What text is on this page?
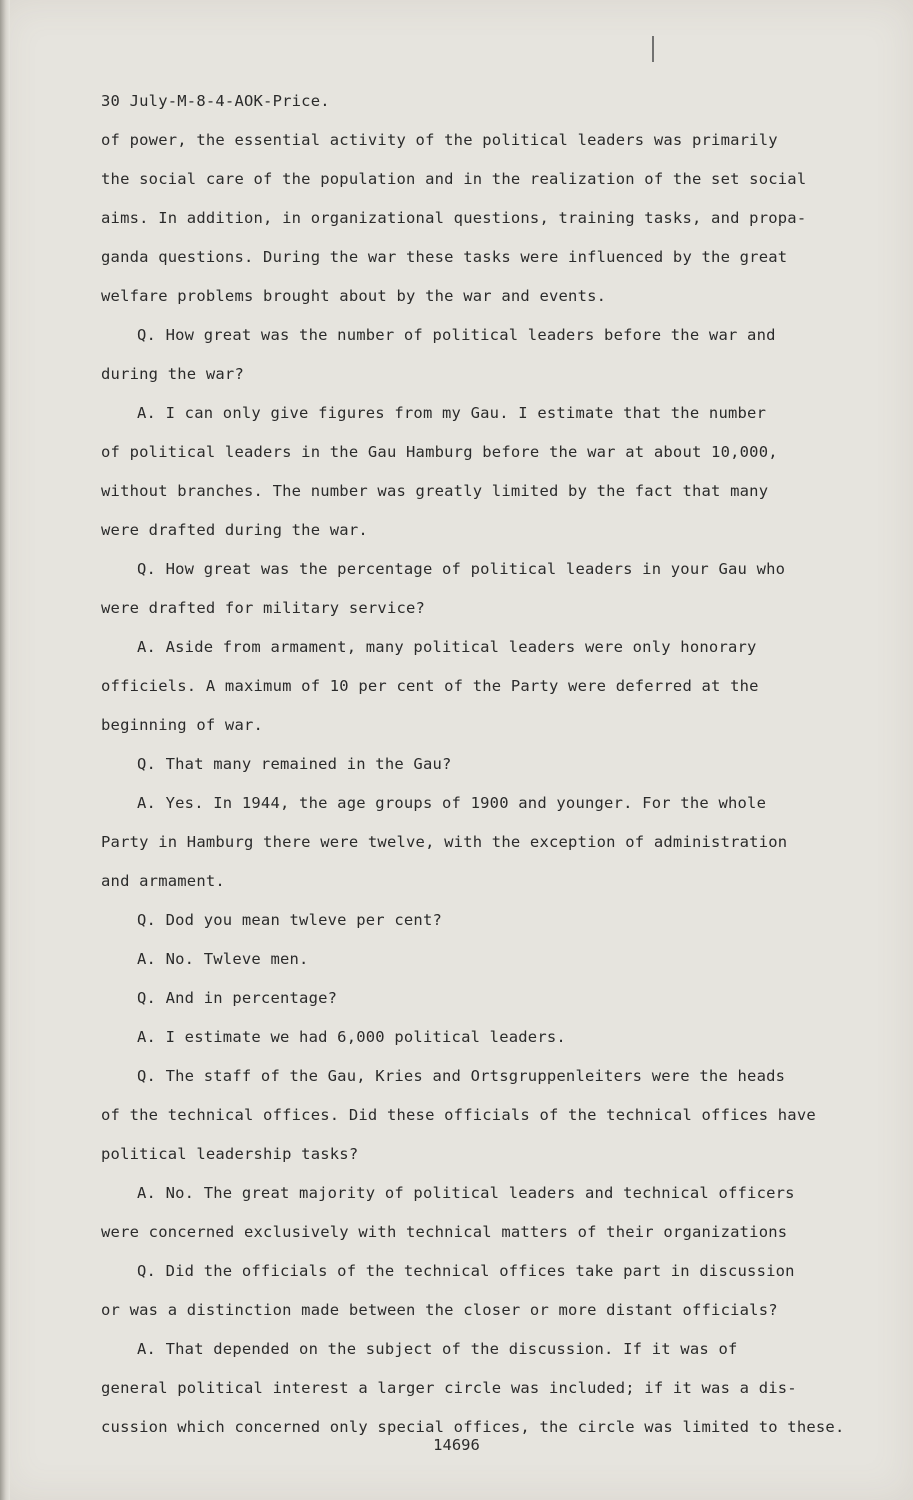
30 July-M-8-4-AOK-Price.

of power, the essential activity of the political leaders was primarily
the social care of the population and in the realization of the set social
aims. In addition, in organizational questions, training tasks, and propa-
ganda questions. During the war these tasks were influenced by the great
welfare problems brought about by the war and events.

Q. How great was the number of political leaders before the war and
during the war?

A. I can only give figures from my Gau. I estimate that the number
of political leaders in the Gau Hamburg before the war at about 10,000,
without branches. The number was greatly limited by the fact that many
were drafted during the war.

Q. How great was the percentage of political leaders in your Gau who
were drafted for military service?

A. Aside from armament, many political leaders were only honorary
officiels. A maximum of 10 per cent of the Party were deferred at the
beginning of war.

Q. That many remained in the Gau?

A. Yes. In 1944, the age groups of 1900 and younger. For the whole
Party in Hamburg there were twelve, with the exception of administration
and armament.

Q. Dod you mean twleve per cent?

A. No. Twleve men.

Q. And in percentage?

A. I estimate we had 6,000 political leaders.

Q. The staff of the Gau, Kries and Ortsgruppenleiters were the heads
of the technical offices. Did these officials of the technical offices have
political leadership tasks?

A. No. The great majority of political leaders and technical officers
were concerned exclusively with technical matters of their organizations

Q. Did the officials of the technical offices take part in discussion
or was a distinction made between the closer or more distant officials?

A. That depended on the subject of the discussion. If it was of
general political interest a larger circle was included; if it was a dis-
cussion which concerned only special offices, the circle was limited to these.

14696
